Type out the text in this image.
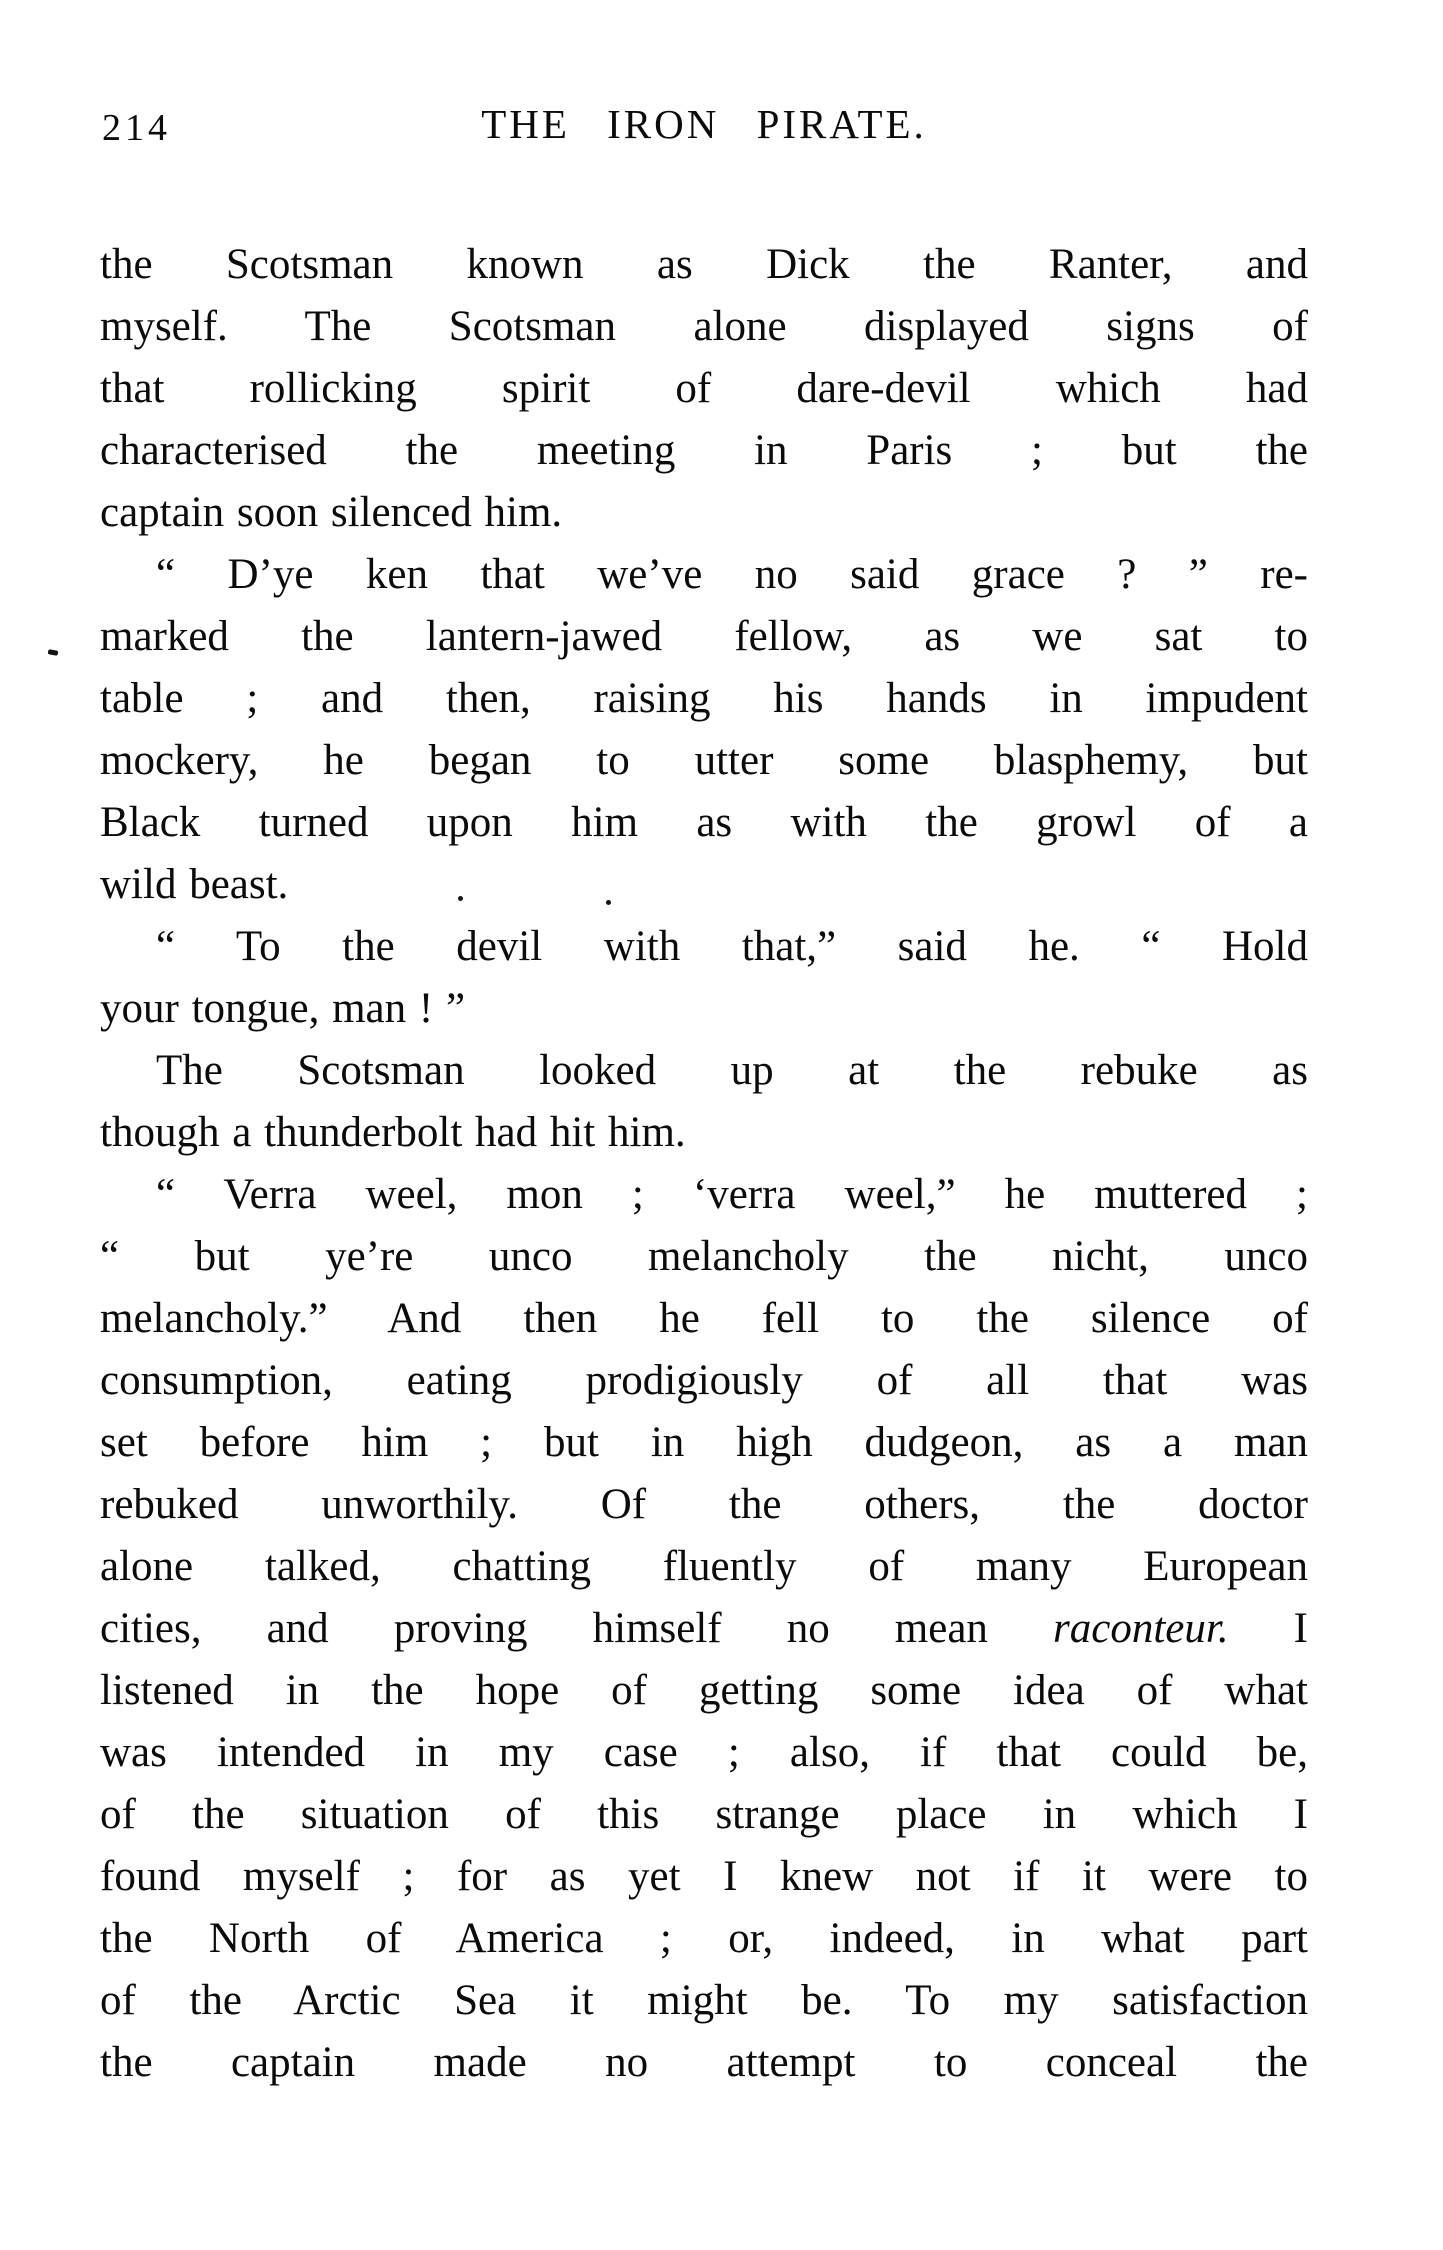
214	THE IRON PIRATE.
the Scotsman known as Dick the Ranter, and
myself. The Scotsman alone displayed signs of
that rollicking spirit of dare-devil which had
characterised the meeting in Paris ; but the
captain soon silenced him.
“ D’ye ken that we’ve no said grace ? ” re-
marked the lantern-jawed fellow, as we sat to
table ; and then, raising his hands in impudent
mockery, he began to utter some blasphemy, but
Black turned upon him as with the growl of a
wild beast.
“ To the devil with that,” said he. “ Hold
your tongue, man ! ”
The Scotsman looked up at the rebuke as
though a thunderbolt had hit him.
“ Verra weel, mon ; ‘verra weel,” he muttered ;
“ but ye’re unco melancholy the nicht, unco
melancholy.” And then he fell to the silence of
consumption, eating prodigiously of all that was
set before him ; but in high dudgeon, as a man
rebuked unworthily. Of the others, the doctor
alone talked, chatting fluently of many European
cities, and proving himself no mean raconteur. I
listened in the hope of getting some idea of what
was intended in my case ; also, if that could be,
of the situation of this strange place in which I
found myself ; for as yet I knew not if it were to
the North of America ; or, indeed, in what part
of the Arctic Sea it might be. To my satisfaction
the captain made no attempt to conceal the
